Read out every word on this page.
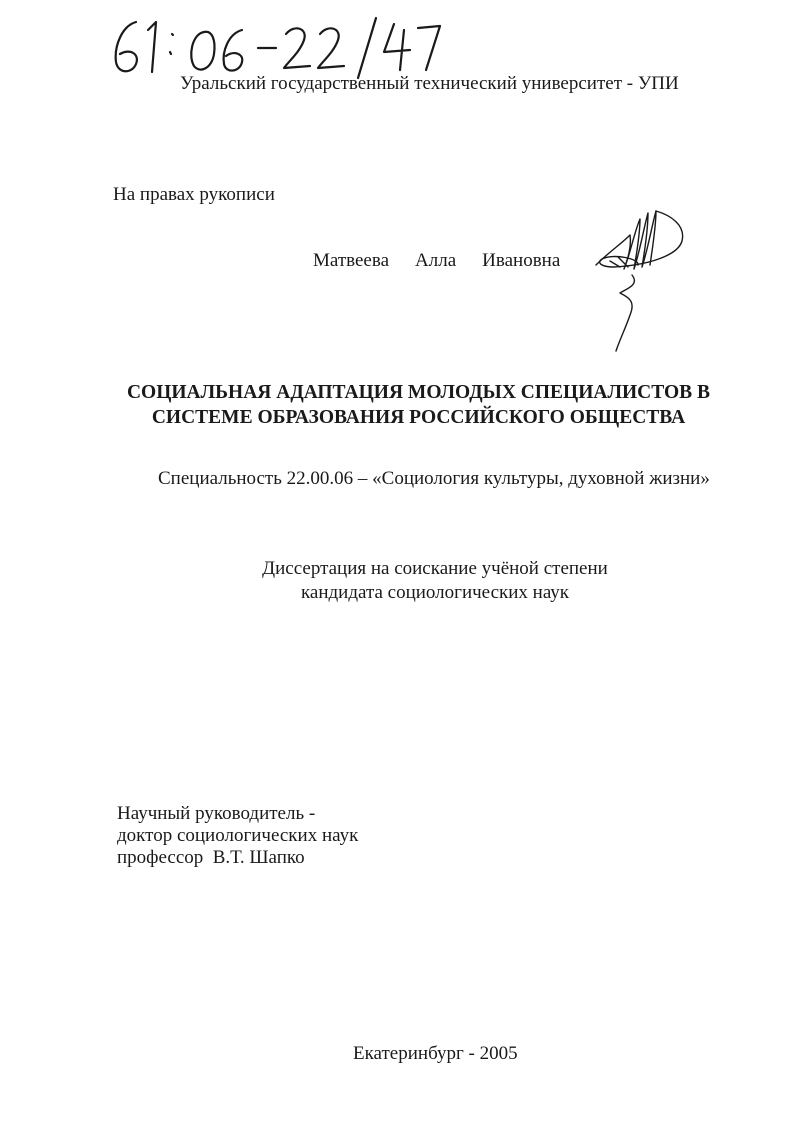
Уральский государственный технический университет - УПИ
На правах рукописи
Матвеева Алла Ивановна
СОЦИАЛЬНАЯ АДАПТАЦИЯ МОЛОДЫХ СПЕЦИАЛИСТОВ В
СИСТЕМЕ ОБРАЗОВАНИЯ РОССИЙСКОГО ОБЩЕСТВА
Специальность 22.00.06 – «Социология культуры, духовной жизни»
Диссертация на соискание учёной степени
кандидата социологических наук
Научный руководитель -
доктор социологических наук
профессор  В.Т. Шапко
Екатеринбург - 2005
